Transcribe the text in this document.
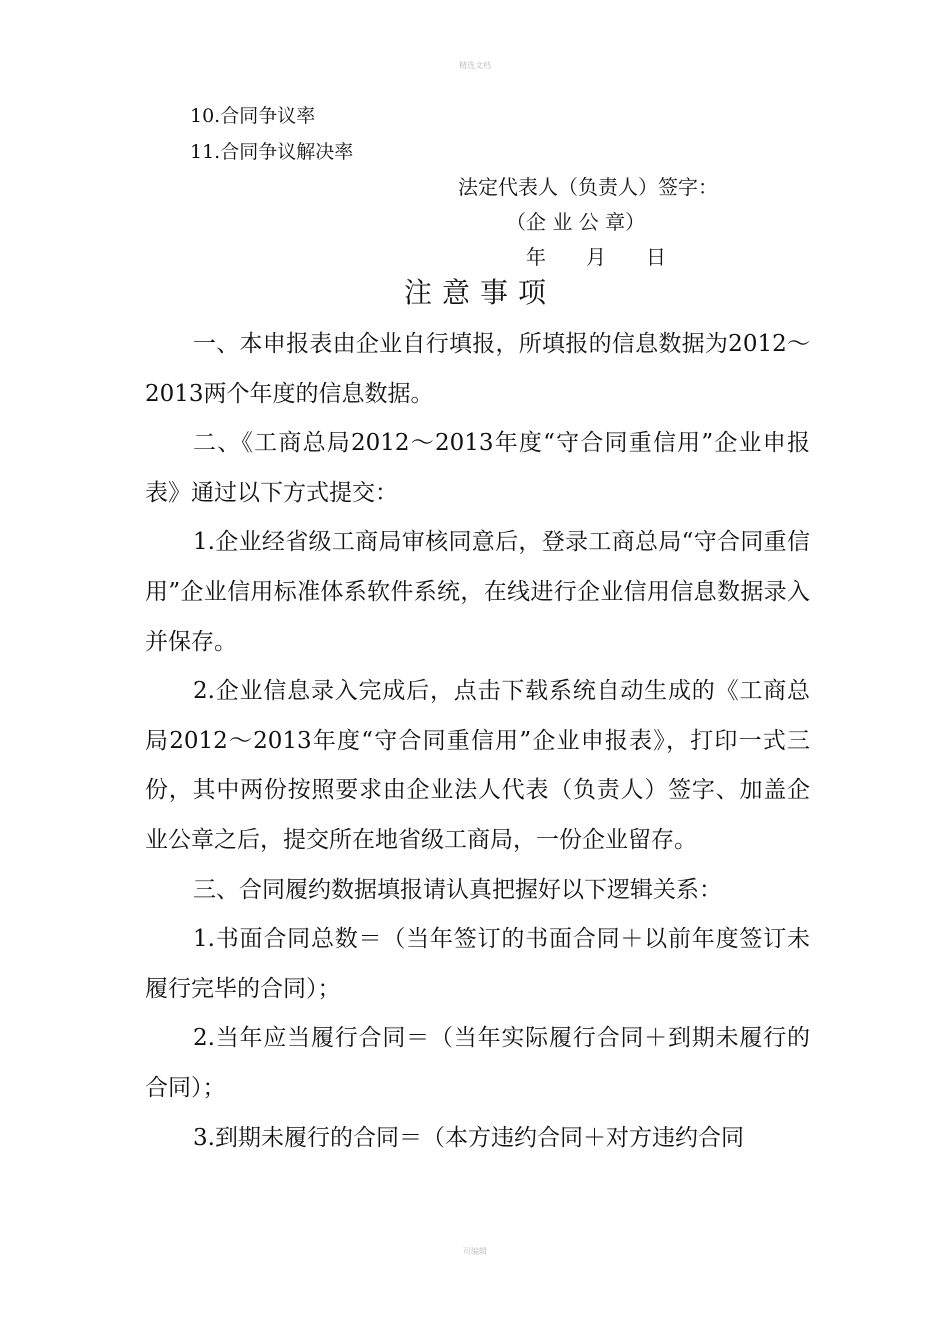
精选文档
10.合同争议率
11.合同争议解决率
法定代表人（负责人）签字：
（企 业 公 章）
年　　月　　日
注意事项

一、本申报表由企业自行填报，所填报的信息数据为2012～2013两个年度的信息数据。

二、《工商总局2012～2013年度“守合同重信用”企业申报表》通过以下方式提交：

1.企业经省级工商局审核同意后，登录工商总局“守合同重信用”企业信用标准体系软件系统，在线进行企业信用信息数据录入并保存。

2.企业信息录入完成后，点击下载系统自动生成的《工商总局2012～2013年度“守合同重信用”企业申报表》，打印一式三份，其中两份按照要求由企业法人代表（负责人）签字、加盖企业公章之后，提交所在地省级工商局，一份企业留存。

三、合同履约数据填报请认真把握好以下逻辑关系：

1.书面合同总数＝（当年签订的书面合同＋以前年度签订未履行完毕的合同）；

2.当年应当履行合同＝（当年实际履行合同＋到期未履行的合同）；

3.到期未履行的合同＝（本方违约合同＋对方违约合同

可编辑
